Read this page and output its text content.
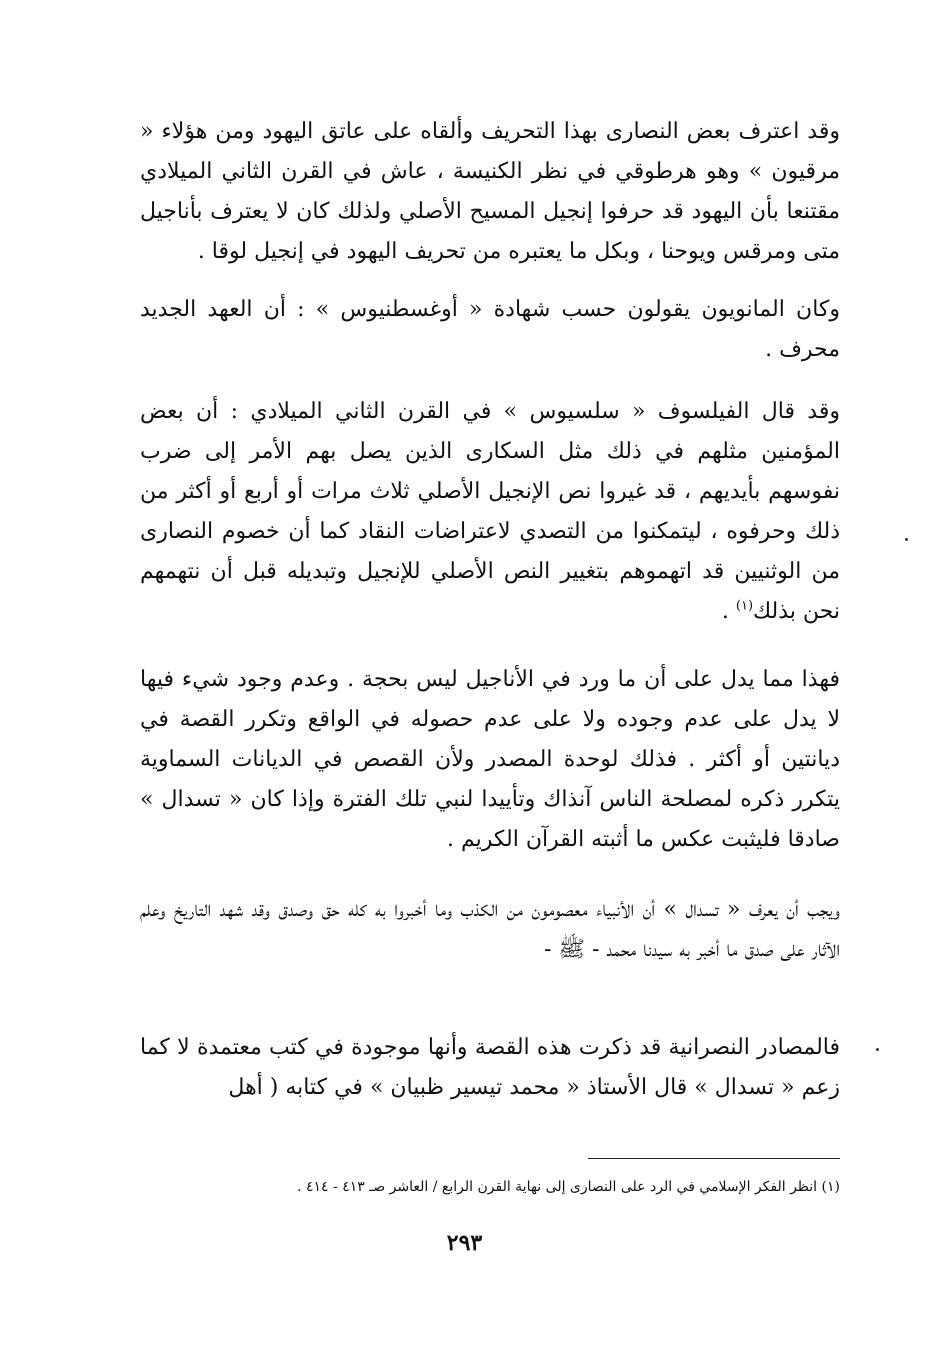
وقد اعترف بعض النصارى بهذا التحريف وألقاه على عاتق اليهود ومن هؤلاء « مرقيون » وهو هرطوقي في نظر الكنيسة ، عاش في القرن الثاني الميلادي مقتنعا بأن اليهود قد حرفوا إنجيل المسيح الأصلي ولذلك كان لا يعترف بأناجيل متى ومرقس ويوحنا ، وبكل ما يعتبره من تحريف اليهود في إنجيل لوقا .

وكان المانويون يقولون حسب شهادة « أوغسطنيوس » : أن العهد الجديد محرف .

وقد قال الفيلسوف « سلسيوس » في القرن الثاني الميلادي : أن بعض المؤمنين مثلهم في ذلك مثل السكارى الذين يصل بهم الأمر إلى ضرب نفوسهم بأيديهم ، قد غيروا نص الإنجيل الأصلي ثلاث مرات أو أربع أو أكثر من ذلك وحرفوه ، ليتمكنوا من التصدي لاعتراضات النقاد كما أن خصوم النصارى من الوثنيين قد اتهموهم بتغيير النص الأصلي للإنجيل وتبديله قبل أن نتهمهم نحن بذلك$^{(١)}$ .

فهذا مما يدل على أن ما ورد في الأناجيل ليس بحجة . وعدم وجود شيء فيها لا يدل على عدم وجوده ولا على عدم حصوله في الواقع وتكرر القصة في ديانتين أو أكثر . فذلك لوحدة المصدر ولأن القصص في الديانات السماوية يتكرر ذكره لمصلحة الناس آنذاك وتأييدا لنبي تلك الفترة وإذا كان « تسدال » صادقا فليثبت عكس ما أثبته القرآن الكريم .

ويجب أن يعرف « تسدال » أن الأنبياء معصومون من الكذب وما أخبروا به كله حق وصدق وقد شهد التاريخ وعلم الآثار على صدق ما أخبر به سيدنا محمد - ﷺ -

فالمصادر النصرانية قد ذكرت هذه القصة وأنها موجودة في كتب معتمدة لا كما زعم « تسدال » قال الأستاذ « محمد تيسير ظبيان » في كتابه ( أهل

(١) انظر الفكر الإسلامي في الرد على النصارى إلى نهاية القرن الرابع / العاشر صـ ٤١٣ - ٤١٤ .
٢٩٣
